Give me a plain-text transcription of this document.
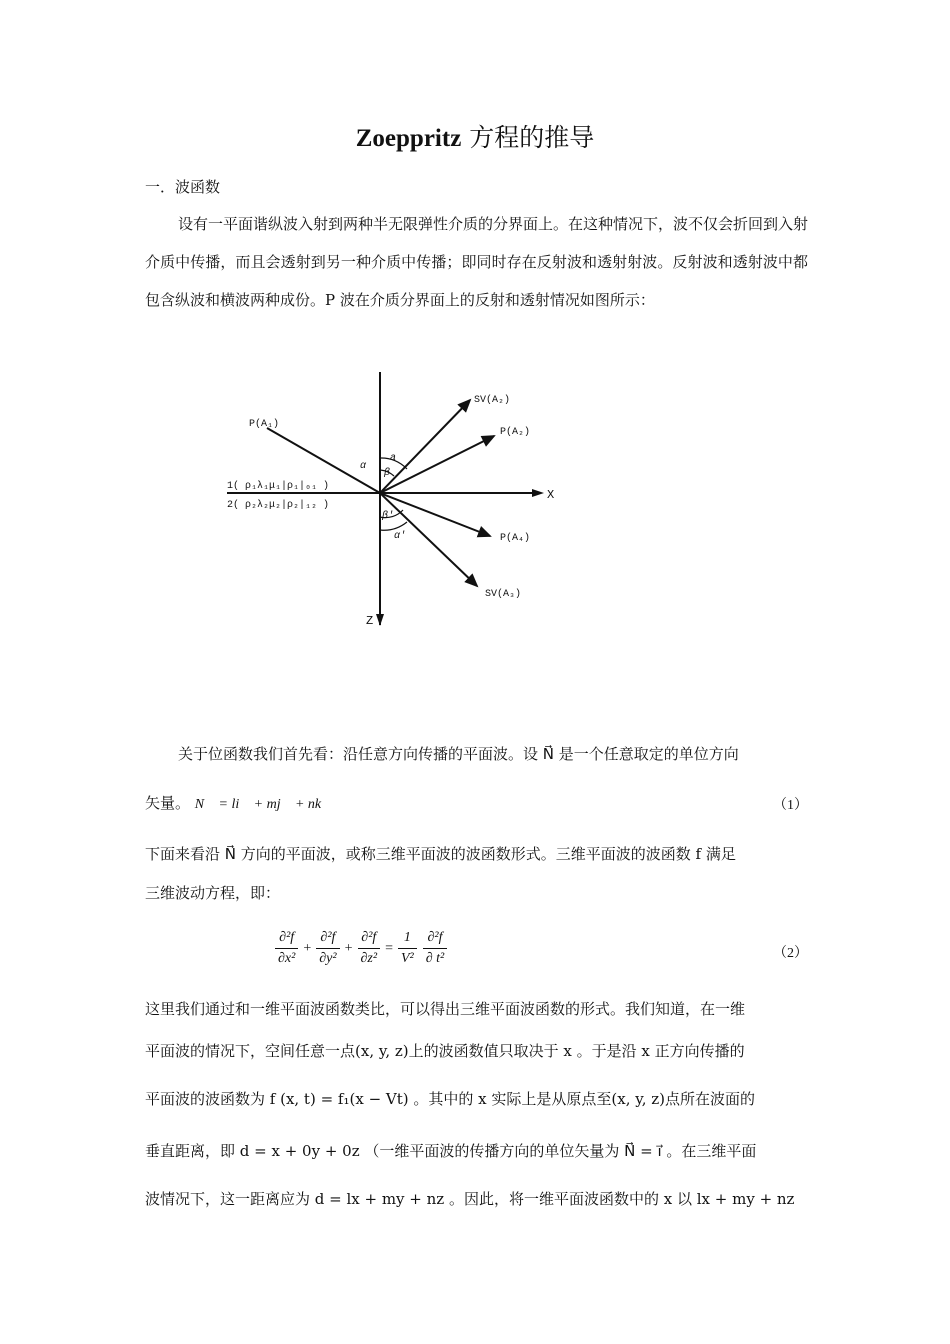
Zoeppritz 方程的推导
一．波函数
设有一平面谐纵波入射到两种半无限弹性介质的分界面上。在这种情况下，波不仅会折回到入射介质中传播，而且会透射到另一种介质中传播；即同时存在反射波和透射射波。反射波和透射波中都包含纵波和横波两种成份。P 波在介质分界面上的反射和透射情况如图所示：
P(A₁)
SV(A₂)
P(A₂)
1( ρ₁λ₁μ₁|ρ₁|₀₁ )
2( ρ₂λ₂μ₂|ρ₂|₁₂ )
X
Z
P(A₄)
SV(A₃)
α
a
β
β'
α'
关于位函数我们首先看：沿任意方向传播的平面波。设 N⃗ 是一个任意取定的单位方向
矢量。 N⃗ = li⃗ + mj⃗ + nk⃗	（1）
下面来看沿 N⃗ 方向的平面波，或称三维平面波的波函数形式。三维平面波的波函数 f 满足
三维波动方程，即：
$\frac{\text{∂²f}}{\text{∂x²}} + \frac{\text{∂²f}}{\text{∂y²}} + \frac{\text{∂²f}}{\text{∂z²}} = \frac{1}{\text{V²}} \frac{\text{∂²f}}{\text{∂ t²}}$	（2）
这里我们通过和一维平面波函数类比，可以得出三维平面波函数的形式。我们知道，在一维
平面波的情况下，空间任意一点(x, y, z)上的波函数值只取决于 x 。于是沿 x 正方向传播的
平面波的波函数为 f (x, t) = f₁(x − Vt) 。其中的 x 实际上是从原点至(x, y, z)点所在波面的
垂直距离，即 d = x + 0y + 0z （一维平面波的传播方向的单位矢量为 N⃗ = i⃗ 。在三维平面
波情况下，这一距离应为 d = lx + my + nz 。因此，将一维平面波函数中的 x 以 lx + my + nz
